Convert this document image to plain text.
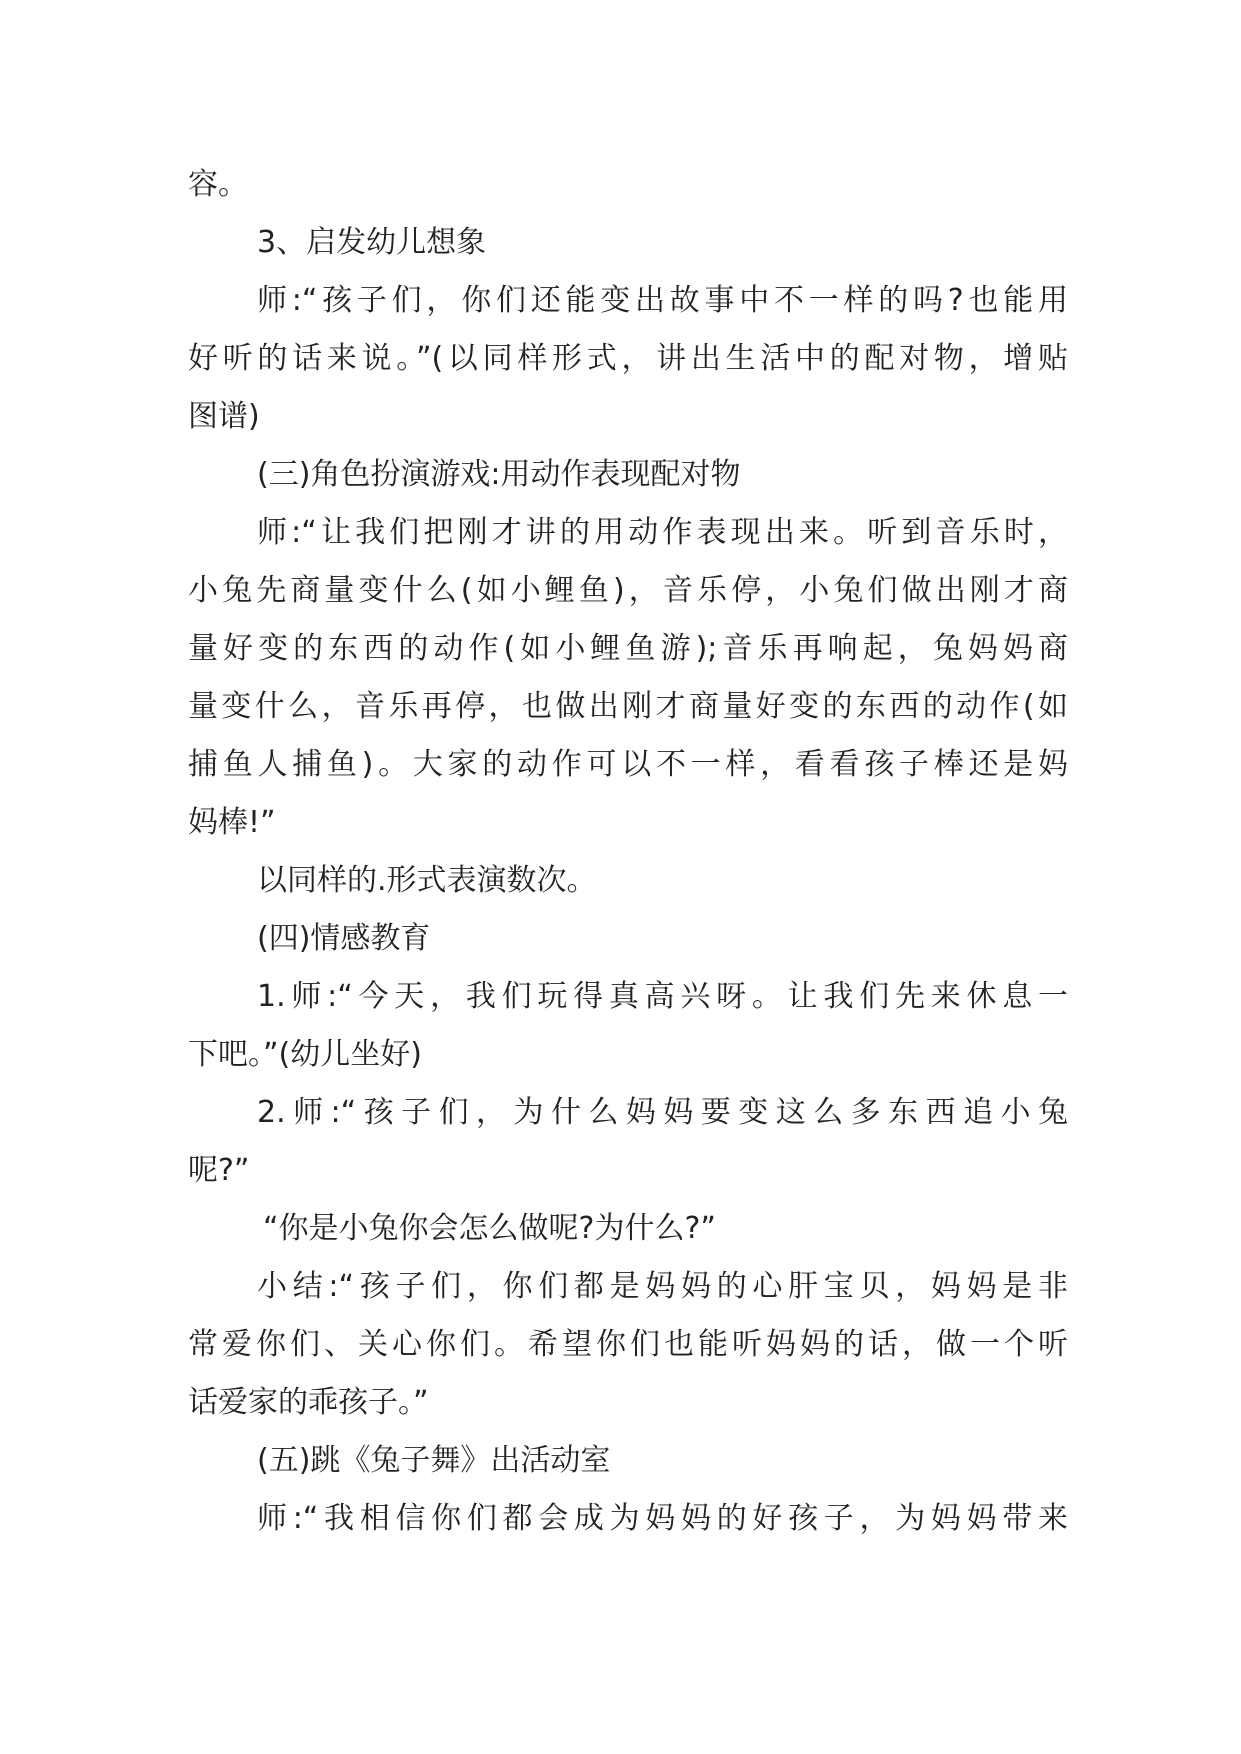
容。
3、启发幼儿想象
师:“孩子们，你们还能变出故事中不一样的吗?也能用
好听的话来说。”(以同样形式，讲出生活中的配对物，增贴
图谱)
(三)角色扮演游戏:用动作表现配对物
师:“让我们把刚才讲的用动作表现出来。听到音乐时，
小兔先商量变什么(如小鲤鱼)，音乐停，小兔们做出刚才商
量好变的东西的动作(如小鲤鱼游);音乐再响起，兔妈妈商
量变什么，音乐再停，也做出刚才商量好变的东西的动作(如
捕鱼人捕鱼)。大家的动作可以不一样，看看孩子棒还是妈
妈棒!”
以同样的.形式表演数次。
(四)情感教育
1.师:“今天，我们玩得真高兴呀。让我们先来休息一
下吧。”(幼儿坐好)
2.师:“孩子们，为什么妈妈要变这么多东西追小兔
呢?”
“你是小兔你会怎么做呢?为什么?”
小结:“孩子们，你们都是妈妈的心肝宝贝，妈妈是非
常爱你们、关心你们。希望你们也能听妈妈的话，做一个听
话爱家的乖孩子。”
(五)跳《兔子舞》出活动室
师:“我相信你们都会成为妈妈的好孩子，为妈妈带来
